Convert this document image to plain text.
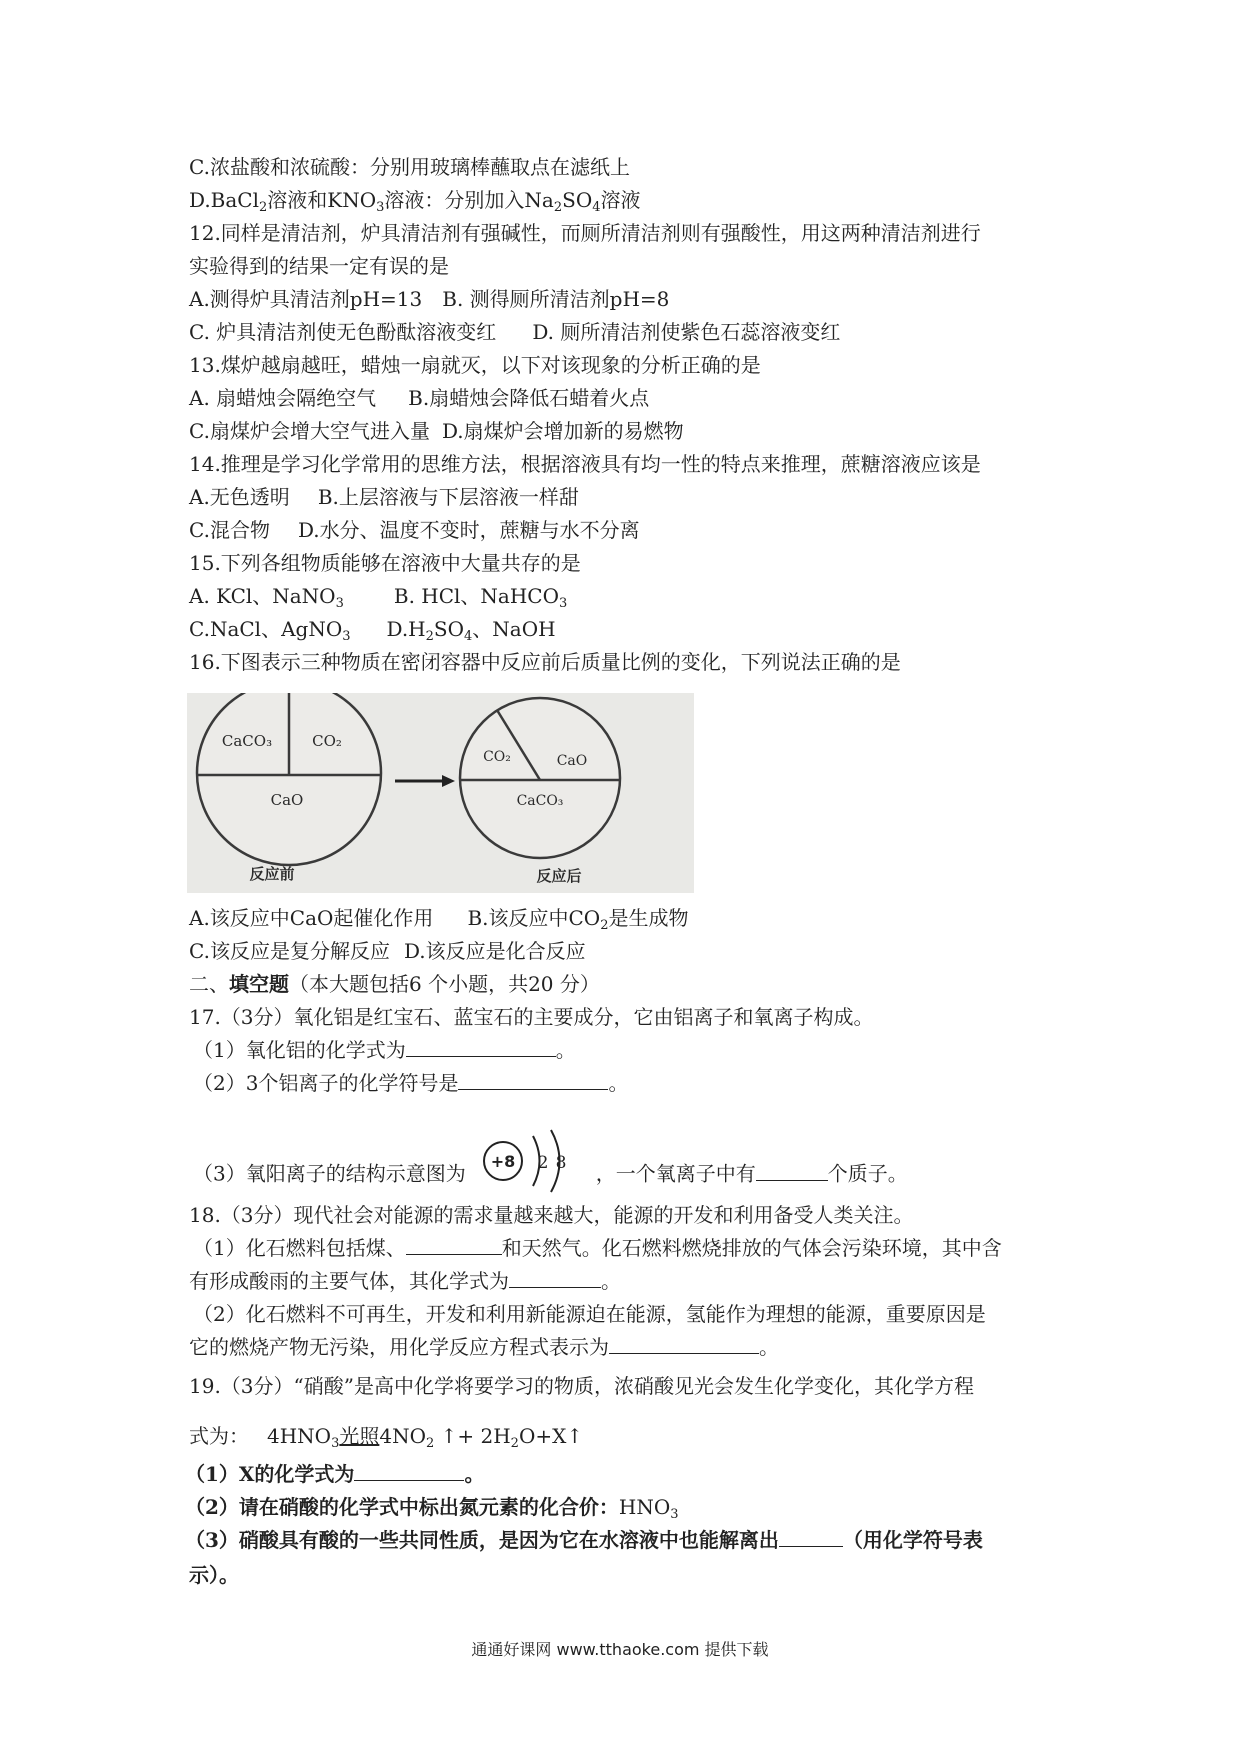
C.浓盐酸和浓硫酸：分别用玻璃棒蘸取点在滤纸上
D.BaCl$_2$溶液和$KNO_3$溶液：分别加入$Na_2SO_4$溶液
12.同样是清洁剂，炉具清洁剂有强碱性，而厕所清洁剂则有强酸性，用这两种清洁剂进行
实验得到的结果一定有误的是
A.测得炉具清洁剂pH=13 B. 测得厕所清洁剂pH=8
C. 炉具清洁剂使无色酚酞溶液变红 D. 厕所清洁剂使紫色石蕊溶液变红
13.煤炉越扇越旺，蜡烛一扇就灭，以下对该现象的分析正确的是
A. 扇蜡烛会隔绝空气 B.扇蜡烛会降低石蜡着火点
C.扇煤炉会增大空气进入量 D.扇煤炉会增加新的易燃物
14.推理是学习化学常用的思维方法，根据溶液具有均一性的特点来推理，蔗糖溶液应该是
A.无色透明 B.上层溶液与下层溶液一样甜
C.混合物 D.水分、温度不变时，蔗糖与水不分离
15.下列各组物质能够在溶液中大量共存的是
A. KCl、NaNO$_3$	B. HCl、NaHCO$_3$
C.NaCl、AgNO$_3$ $D.H_2SO_4$、NaOH
16.下图表示三种物质在密闭容器中反应前后质量比例的变化，下列说法正确的是
CaCO₃	CO₂
CaO
反应前
CO₂	CaO
CaCO₃
反应后
A.该反应中CaO起催化作用 B.该反应中$CO_2$是生成物
C.该反应是复分解反应 D.该反应是化合反应
二、填空题（本大题包括6 个小题，共20 分）
17.（3分）氧化铝是红宝石、蓝宝石的主要成分，它由铝离子和氧离子构成。
（1）氧化铝的化学式为	。
（2）3个铝离子的化学符号是	。
（3）氧阳离子的结构示意图为 +8 2 8 ，一个氧离子中有	个质子。
18.（3分）现代社会对能源的需求量越来越大，能源的开发和利用备受人类关注。
（1）化石燃料包括煤、	和天然气。化石燃料燃烧排放的气体会污染环境，其中含
有形成酸雨的主要气体，其化学式为	。
（2）化石燃料不可再生，开发和利用新能源迫在能源，氢能作为理想的能源，重要原因是
它的燃烧产物无污染，用化学反应方程式表示为	。
19.（3分）“硝酸”是高中化学将要学习的物质，浓硝酸见光会发生化学变化，其化学方程
式为： $4HNO_3$光照$4NO_2$ ↑+ $2H_2O+X↑$
（1）X的化学式为	。
（2）请在硝酸的化学式中标出氮元素的化合价：$HNO_3$
（3）硝酸具有酸的一些共同性质，是因为它在水溶液中也能解离出	（用化学符号表
示）。
通通好课网 www.tthaoke.com 提供下载
